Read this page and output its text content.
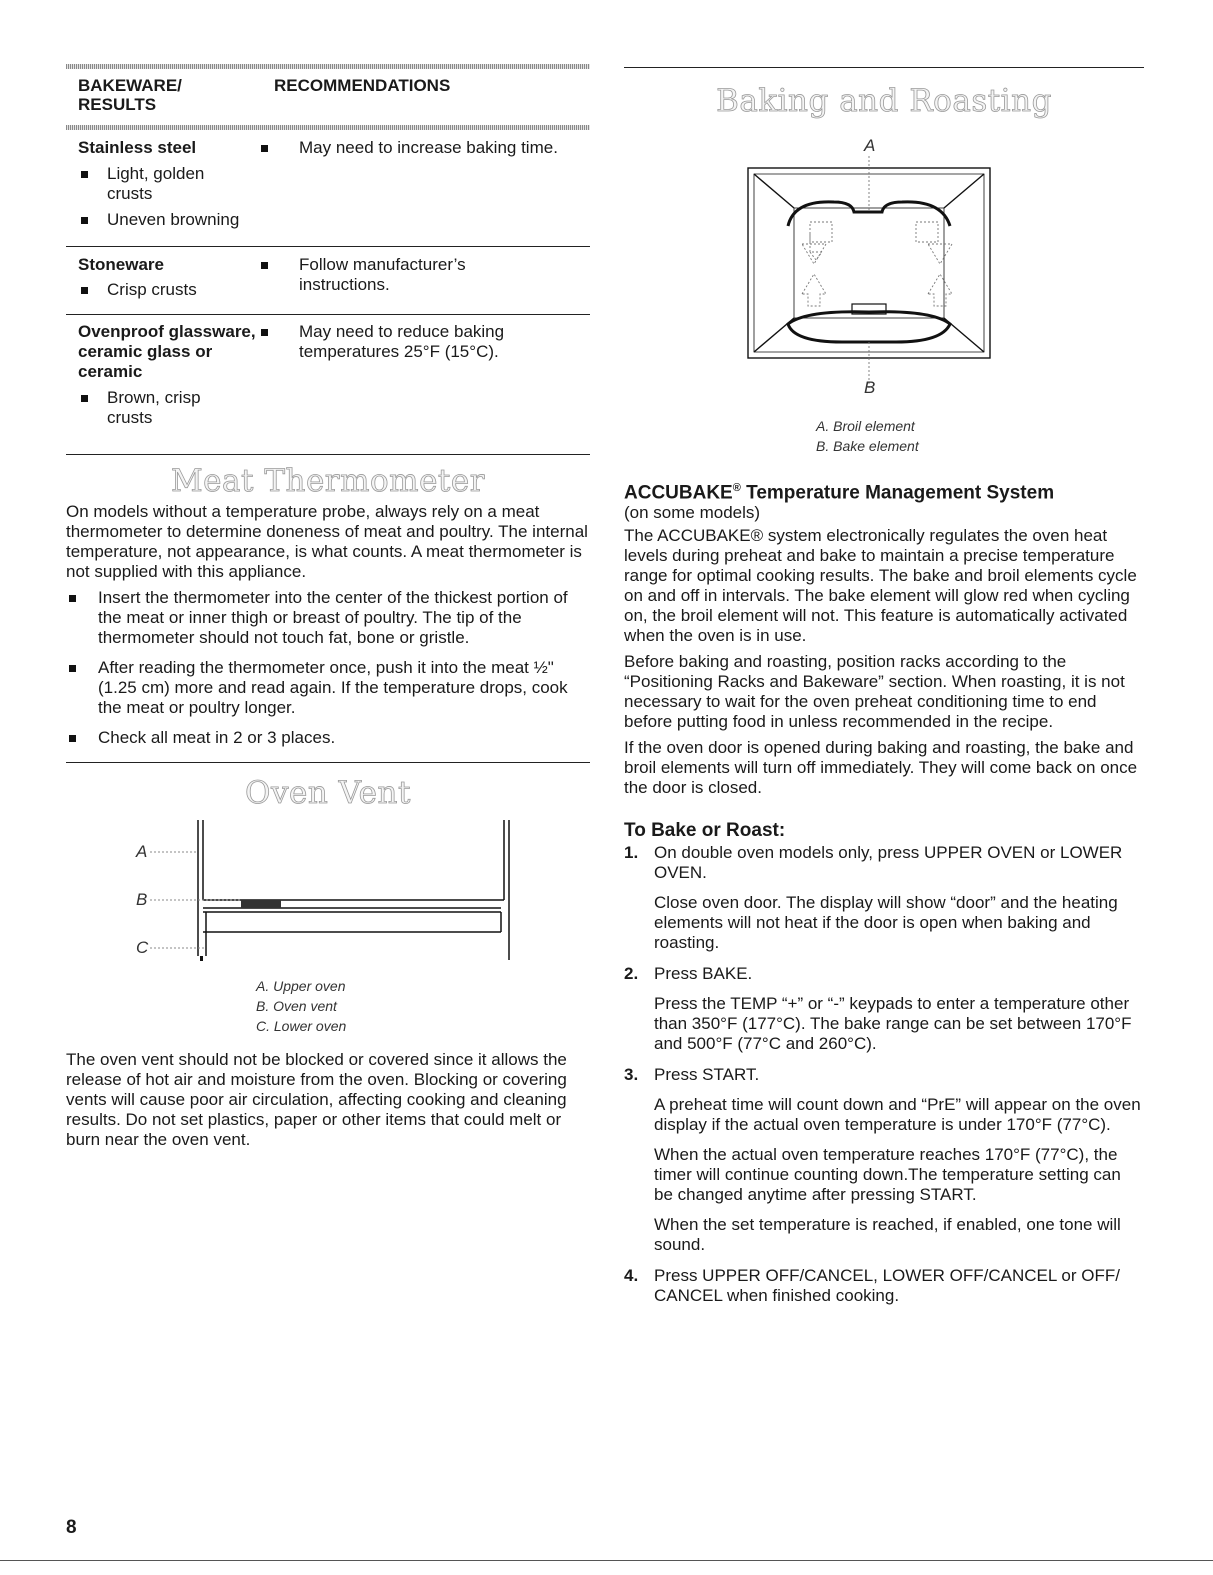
BAKEWARE/
RESULTS
RECOMMENDATIONS
Stainless steel
Light, golden crusts
Uneven browning
May need to increase baking time.
Stoneware
Crisp crusts
Follow manufacturer’s instructions.
Ovenproof glassware, ceramic glass or ceramic
Brown, crisp crusts
May need to reduce baking temperatures 25°F (15°C).
Meat Thermometer

On models without a temperature probe, always rely on a meat thermometer to determine doneness of meat and poultry. The internal temperature, not appearance, is what counts. A meat thermometer is not supplied with this appliance.

Insert the thermometer into the center of the thickest portion of the meat or inner thigh or breast of poultry. The tip of the thermometer should not touch fat, bone or gristle.
After reading the thermometer once, push it into the meat ½" (1.25 cm) more and read again. If the temperature drops, cook the meat or poultry longer.
Check all meat in 2 or 3 places.
Oven Vent
A
B
C
A. Upper oven
B. Oven vent
C. Lower oven

The oven vent should not be blocked or covered since it allows the release of hot air and moisture from the oven. Blocking or covering vents will cause poor air circulation, affecting cooking and cleaning results. Do not set plastics, paper or other items that could melt or burn near the oven vent.

Baking and Roasting
A
B
A. Broil element
B. Bake element
ACCUBAKE® Temperature Management System

(on some models)

The ACCUBAKE® system electronically regulates the oven heat levels during preheat and bake to maintain a precise temperature range for optimal cooking results. The bake and broil elements cycle on and off in intervals. The bake element will glow red when cycling on, the broil element will not. This feature is automatically activated when the oven is in use.

Before baking and roasting, position racks according to the “Positioning Racks and Bakeware” section. When roasting, it is not necessary to wait for the oven preheat conditioning time to end before putting food in unless recommended in the recipe.

If the oven door is opened during baking and roasting, the bake and broil elements will turn off immediately. They will come back on once the door is closed.

To Bake or Roast:
1. On double oven models only, press UPPER OVEN or LOWER OVEN.

Close oven door. The display will show “door” and the heating elements will not heat if the door is open when baking and roasting.

2. Press BAKE.

Press the TEMP “+” or “-” keypads to enter a temperature other than 350°F (177°C). The bake range can be set between 170°F and 500°F (77°C and 260°C).

3. Press START.

A preheat time will count down and “PrE” will appear on the oven display if the actual oven temperature is under 170°F (77°C).

When the actual oven temperature reaches 170°F (77°C), the timer will continue counting down.The temperature setting can be changed anytime after pressing START.

When the set temperature is reached, if enabled, one tone will sound.

4. Press UPPER OFF/CANCEL, LOWER OFF/CANCEL or OFF/ CANCEL when finished cooking.

8
